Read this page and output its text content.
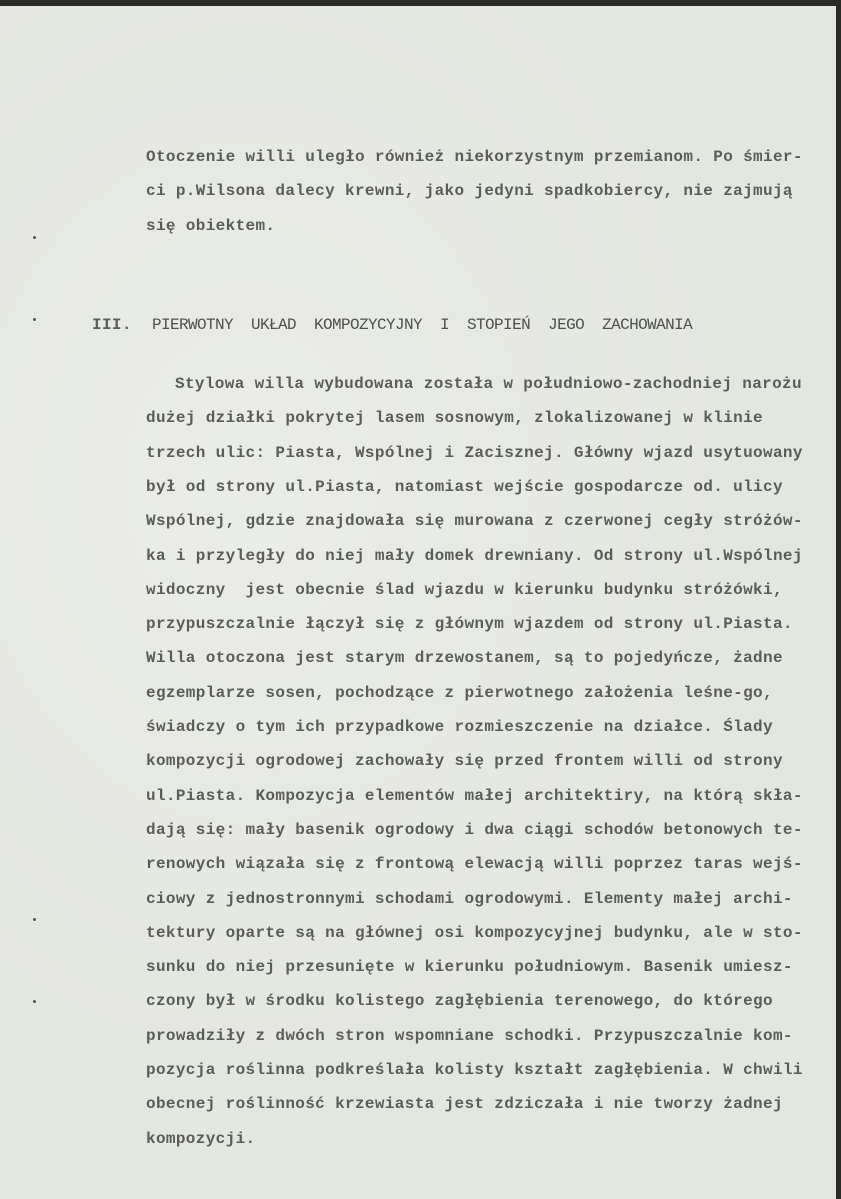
Otoczenie willi uległo również niekorzystnym przemianom. Po śmier-
ci p.Wilsona dalecy krewni, jako jedyni spadkobiercy, nie zajmują
się obiektem.
III. PIERWOTNY  UKŁAD  KOMPOZYCYJNY  I  STOPIEŃ  JEGO  ZACHOWANIA
Stylowa willa wybudowana została w południowo-zachodniej narożu
dużej działki pokrytej lasem sosnowym, zlokalizowanej w klinie
trzech ulic: Piasta, Wspólnej i Zacisznej. Główny wjazd usytuowany
był od strony ul.Piasta, natomiast wejście gospodarcze od. ulicy
Wspólnej, gdzie znajdowała się murowana z czerwonej cegły stróżów-
ka i przyległy do niej mały domek drewniany. Od strony ul.Wspólnej
widoczny  jest obecnie ślad wjazdu w kierunku budynku stróżówki,
przypuszczalnie łączył się z głównym wjazdem od strony ul.Piasta.
Willa otoczona jest starym drzewostanem, są to pojedyńcze, żadne
egzemplarze sosen, pochodzące z pierwotnego założenia leśne-go,
świadczy o tym ich przypadkowe rozmieszczenie na działce. Ślady
kompozycji ogrodowej zachowały się przed frontem willi od strony
ul.Piasta. Kompozycja elementów małej architektiry, na którą skła-
dają się: mały basenik ogrodowy i dwa ciągi schodów betonowych te-
renowych wiązała się z frontową elewacją willi poprzez taras wejś-
ciowy z jednostronnymi schodami ogrodowymi. Elementy małej archi-
tektury oparte są na głównej osi kompozycyjnej budynku, ale w sto-
sunku do niej przesunięte w kierunku południowym. Basenik umiesz-
czony był w środku kolistego zagłębienia terenowego, do którego
prowadziły z dwóch stron wspomniane schodki. Przypuszczalnie kom-
pozycja roślinna podkreślała kolisty kształt zagłębienia. W chwili
obecnej roślinność krzewiasta jest zdziczała i nie tworzy żadnej
kompozycji.
